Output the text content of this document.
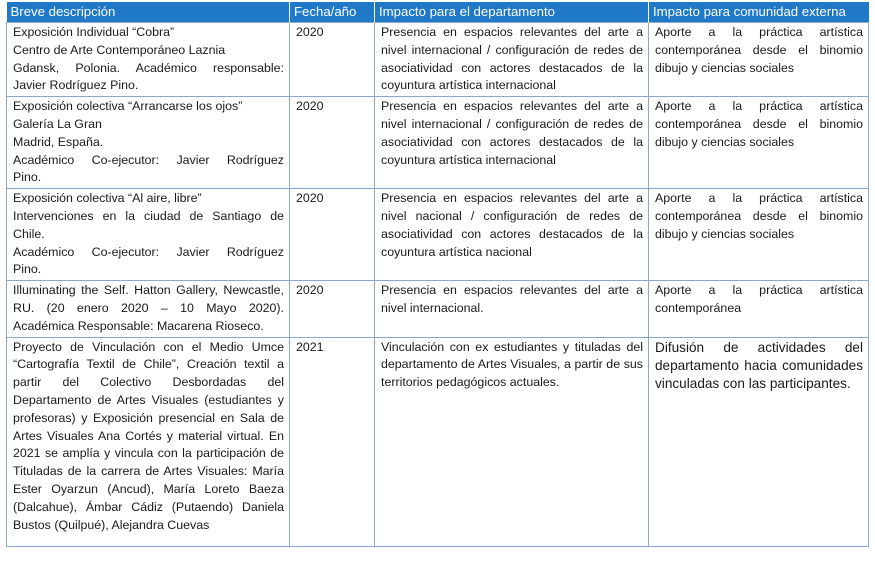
Breve descripción	Fecha/año	Impacto para el departamento	Impacto para comunidad externa

Exposición Individual “Cobra”
Centro de Arte Contemporáneo Laznia
Gdansk, Polonia. Académico responsable:
Javier Rodríguez Pino.	2020	Presencia en espacios relevantes del arte a nivel internacional / configuración de redes de asociatividad con actores destacados de la coyuntura artística internacional	Aporte a la práctica artística contemporánea desde el binomio dibujo y ciencias sociales

Exposición colectiva “Arrancarse los ojos”
Galería La Gran
Madrid, España.
Académico Co-ejecutor: Javier Rodríguez
Pino.	2020	Presencia en espacios relevantes del arte a nivel internacional / configuración de redes de asociatividad con actores destacados de la coyuntura artística internacional	Aporte a la práctica artística contemporánea desde el binomio dibujo y ciencias sociales

Exposición colectiva “Al aire, libre”
Intervenciones en la ciudad de Santiago de
Chile.
Académico Co-ejecutor: Javier Rodríguez
Pino.	2020	Presencia en espacios relevantes del arte a nivel nacional / configuración de redes de asociatividad con actores destacados de la coyuntura artística nacional	Aporte a la práctica artística contemporánea desde el binomio dibujo y ciencias sociales
Illuminating the Self. Hatton Gallery, Newcastle, RU. (20 enero 2020 – 10 Mayo 2020). Académica Responsable: Macarena Rioseco.	2020	Presencia en espacios relevantes del arte a nivel internacional.	Aporte a la práctica artística contemporánea
Proyecto de Vinculación con el Medio Umce “Cartografía Textil de Chile”, Creación textil a partir del Colectivo Desbordadas del Departamento de Artes Visuales (estudiantes y profesoras) y Exposición presencial en Sala de Artes Visuales Ana Cortés y material virtual. En 2021 se amplía y vincula con la participación de Tituladas de la carrera de Artes Visuales: María Ester Oyarzun (Ancud), María Loreto Baeza (Dalcahue), Ámbar Cádiz (Putaendo) Daniela Bustos (Quilpué), Alejandra Cuevas	2021	Vinculación con ex estudiantes y tituladas del departamento de Artes Visuales, a partir de sus territorios pedagógicos actuales.	Difusión de actividades del departamento hacia comunidades vinculadas con las participantes.
